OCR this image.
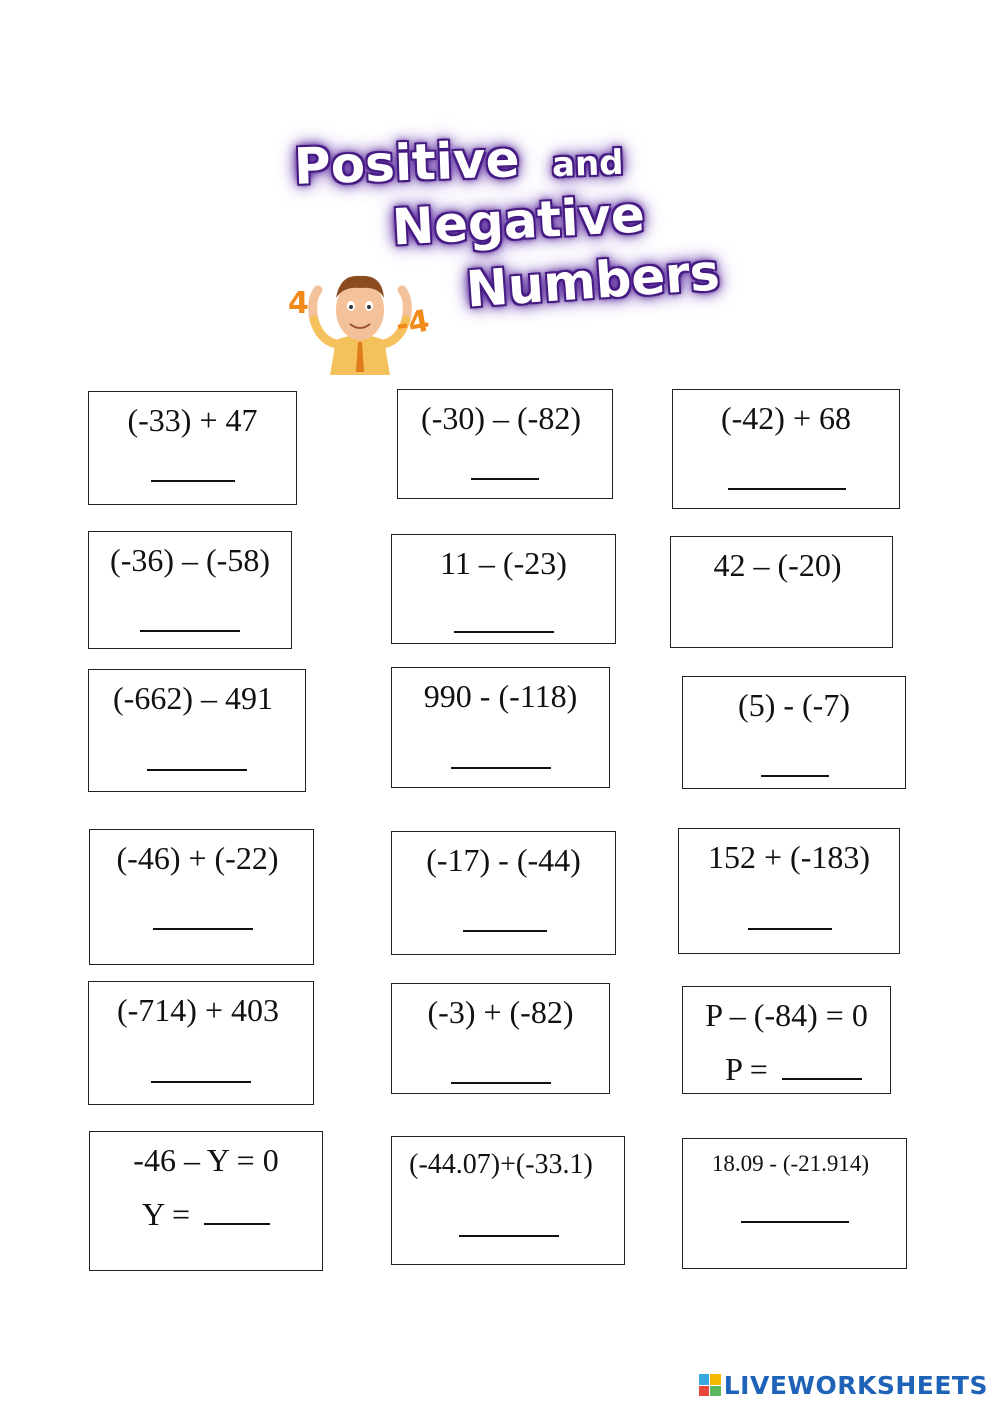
4	-4
Positive and
Negative
Numbers
(-33) + 47	(-30) – (-82)	(-42) + 68
(-36) – (-58)	11 – (-23)	42 – (-20)
(-662) – 491	990 - (-118)	(5) - (-7)
(-46) + (-22)	(-17) - (-44)	152 + (-183)
(-714) + 403	(-3) + (-82)	P – (-84) = 0
P =
-46 – Y = 0
Y =
(-44.07)+(-33.1)	18.09 - (-21.914)
LIVEWORKSHEETS
